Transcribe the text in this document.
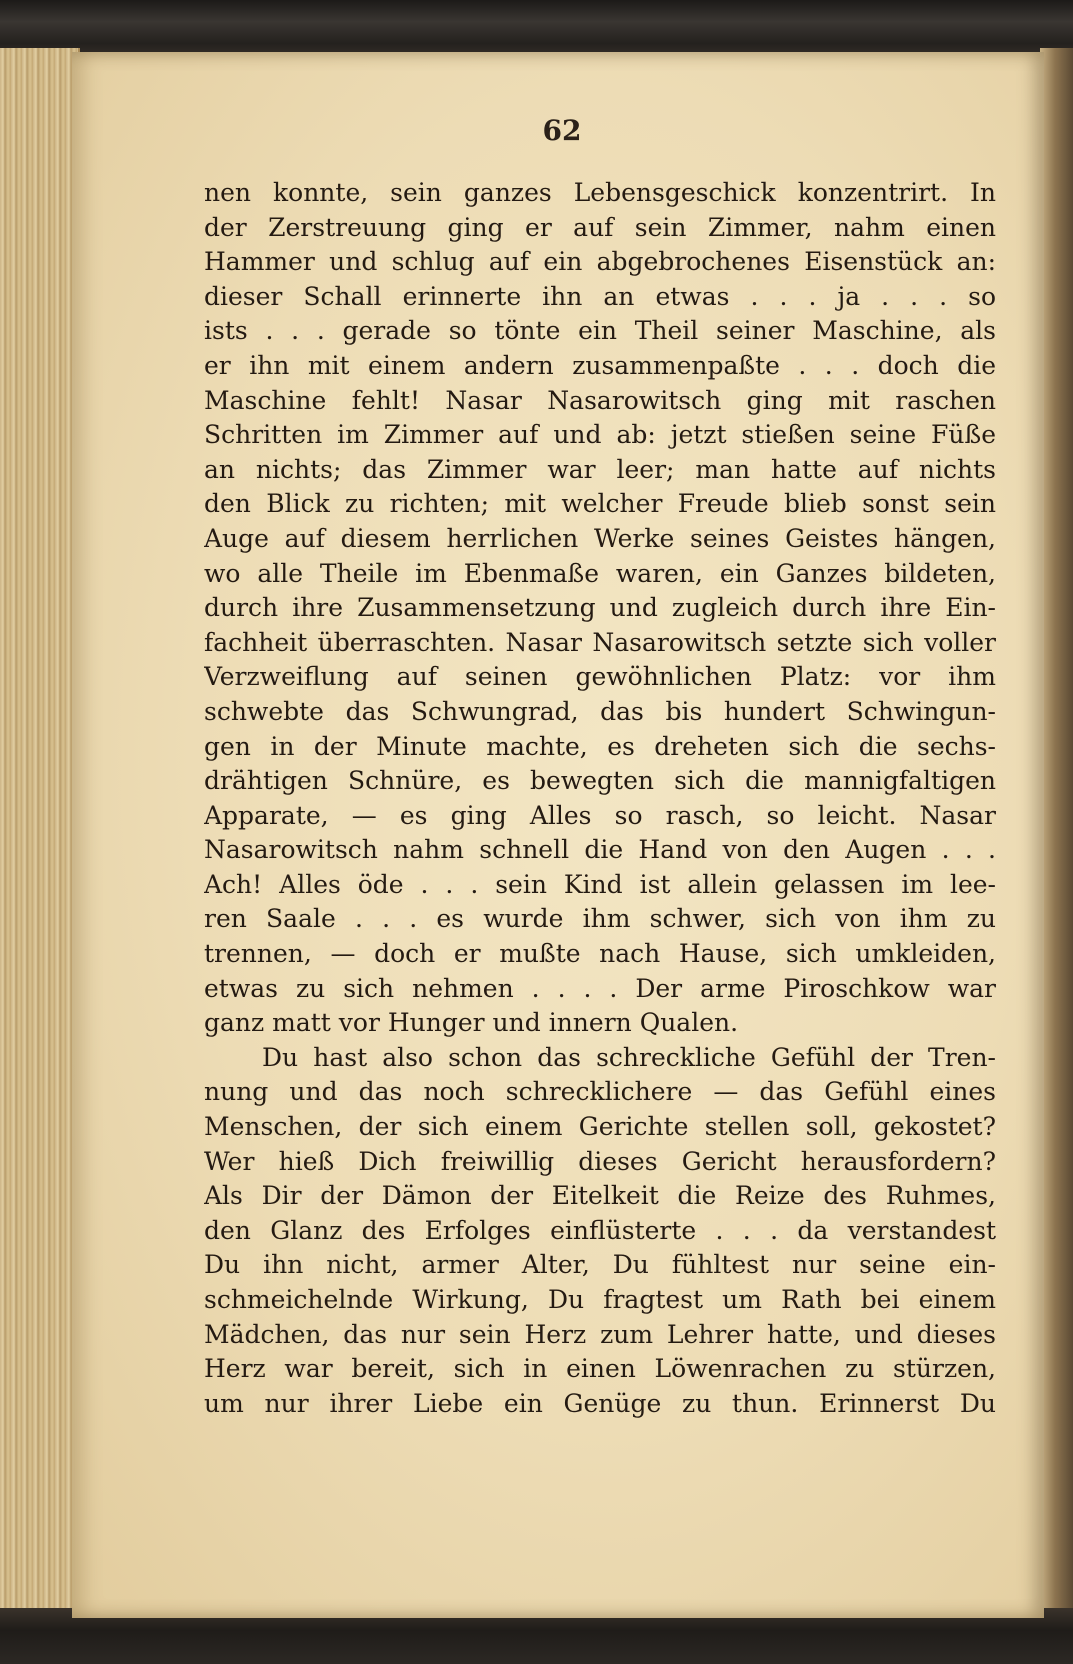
62
nen konnte, sein ganzes Lebensgeschick konzentrirt. In
der Zerstreuung ging er auf sein Zimmer, nahm einen
Hammer und schlug auf ein abgebrochenes Eisenstück an:
dieser Schall erinnerte ihn an etwas . . . ja . . . so
ists . . . gerade so tönte ein Theil seiner Maschine, als
er ihn mit einem andern zusammenpaßte . . . doch die
Maschine fehlt! Nasar Nasarowitsch ging mit raschen
Schritten im Zimmer auf und ab: jetzt stießen seine Füße
an nichts; das Zimmer war leer; man hatte auf nichts
den Blick zu richten; mit welcher Freude blieb sonst sein
Auge auf diesem herrlichen Werke seines Geistes hängen,
wo alle Theile im Ebenmaße waren, ein Ganzes bildeten,
durch ihre Zusammensetzung und zugleich durch ihre Ein-
fachheit überraschten. Nasar Nasarowitsch setzte sich voller
Verzweiflung auf seinen gewöhnlichen Platz: vor ihm
schwebte das Schwungrad, das bis hundert Schwingun-
gen in der Minute machte, es dreheten sich die sechs-
drähtigen Schnüre, es bewegten sich die mannigfaltigen
Apparate, — es ging Alles so rasch, so leicht. Nasar
Nasarowitsch nahm schnell die Hand von den Augen . . .
Ach! Alles öde . . . sein Kind ist allein gelassen im lee-
ren Saale . . . es wurde ihm schwer, sich von ihm zu
trennen, — doch er mußte nach Hause, sich umkleiden,
etwas zu sich nehmen . . . . Der arme Piroschkow war
ganz matt vor Hunger und innern Qualen.
Du hast also schon das schreckliche Gefühl der Tren-
nung und das noch schrecklichere — das Gefühl eines
Menschen, der sich einem Gerichte stellen soll, gekostet?
Wer hieß Dich freiwillig dieses Gericht herausfordern?
Als Dir der Dämon der Eitelkeit die Reize des Ruhmes,
den Glanz des Erfolges einflüsterte . . . da verstandest
Du ihn nicht, armer Alter, Du fühltest nur seine ein-
schmeichelnde Wirkung, Du fragtest um Rath bei einem
Mädchen, das nur sein Herz zum Lehrer hatte, und dieses
Herz war bereit, sich in einen Löwenrachen zu stürzen,
um nur ihrer Liebe ein Genüge zu thun. Erinnerst Du
